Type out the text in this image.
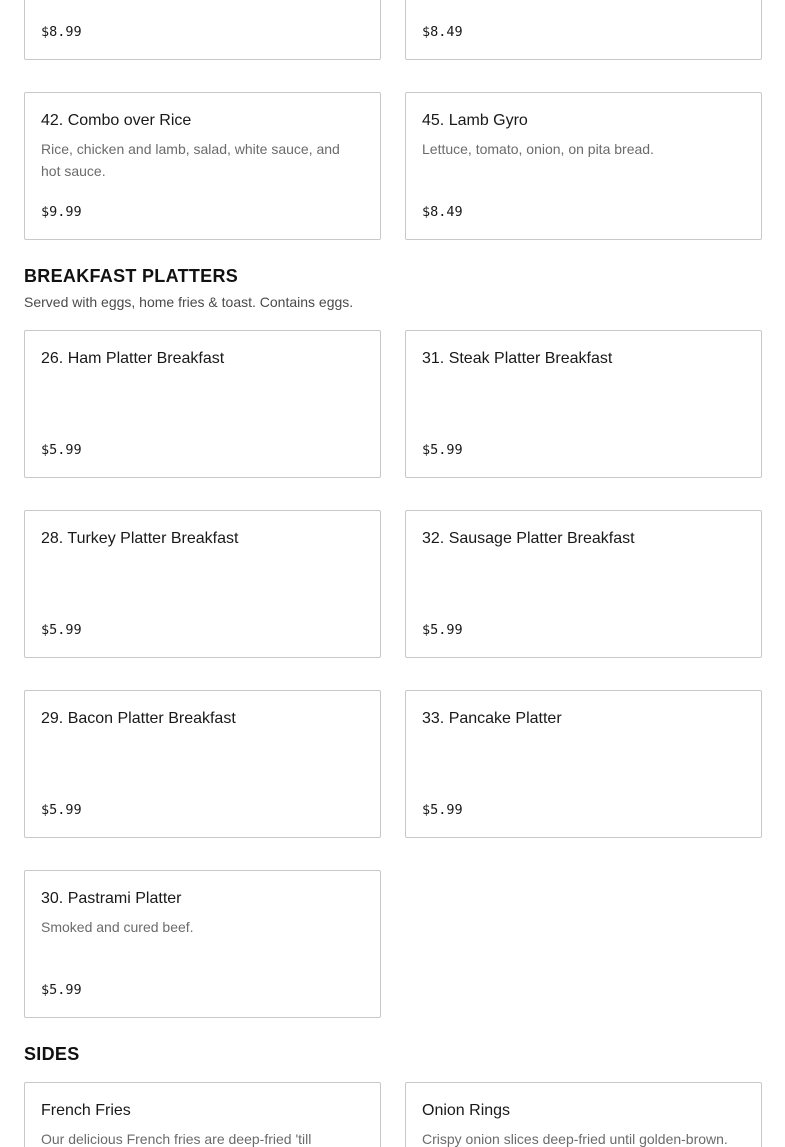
$8.99	$8.49
42. Combo over Rice
Rice, chicken and lamb, salad, white sauce, and hot sauce.
$9.99
45. Lamb Gyro
Lettuce, tomato, onion, on pita bread.
$8.49
BREAKFAST PLATTERS
Served with eggs, home fries & toast. Contains eggs.
26. Ham Platter Breakfast
$5.99
31. Steak Platter Breakfast
$5.99
28. Turkey Platter Breakfast
$5.99
32. Sausage Platter Breakfast
$5.99
29. Bacon Platter Breakfast
$5.99
33. Pancake Platter
$5.99
30. Pastrami Platter
Smoked and cured beef.
$5.99
SIDES
French Fries
Our delicious French fries are deep-fried 'till
Onion Rings
Crispy onion slices deep-fried until golden-brown.
